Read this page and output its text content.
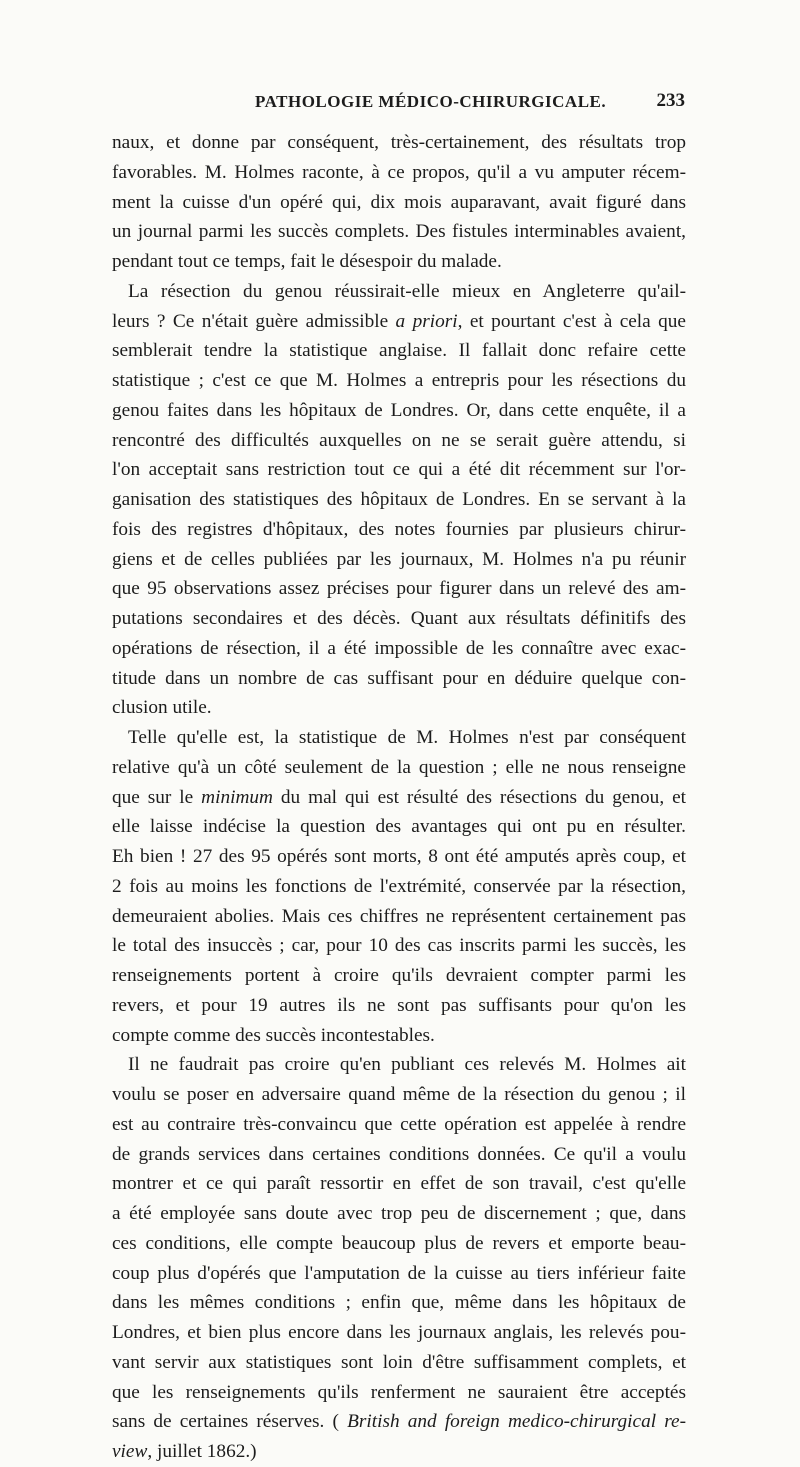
PATHOLOGIE MÉDICO-CHIRURGICALE.	233
naux, et donne par conséquent, très-certainement, des résultats trop
favorables. M. Holmes raconte, à ce propos, qu'il a vu amputer récem-
ment la cuisse d'un opéré qui, dix mois auparavant, avait figuré dans
un journal parmi les succès complets. Des fistules interminables avaient,
pendant tout ce temps, fait le désespoir du malade.
La résection du genou réussirait-elle mieux en Angleterre qu'ail-
leurs ? Ce n'était guère admissible a priori, et pourtant c'est à cela que
semblerait tendre la statistique anglaise. Il fallait donc refaire cette
statistique ; c'est ce que M. Holmes a entrepris pour les résections du
genou faites dans les hôpitaux de Londres. Or, dans cette enquête, il a
rencontré des difficultés auxquelles on ne se serait guère attendu, si
l'on acceptait sans restriction tout ce qui a été dit récemment sur l'or-
ganisation des statistiques des hôpitaux de Londres. En se servant à la
fois des registres d'hôpitaux, des notes fournies par plusieurs chirur-
giens et de celles publiées par les journaux, M. Holmes n'a pu réunir
que 95 observations assez précises pour figurer dans un relevé des am-
putations secondaires et des décès. Quant aux résultats définitifs des
opérations de résection, il a été impossible de les connaître avec exac-
titude dans un nombre de cas suffisant pour en déduire quelque con-
clusion utile.
Telle qu'elle est, la statistique de M. Holmes n'est par conséquent
relative qu'à un côté seulement de la question ; elle ne nous renseigne
que sur le minimum du mal qui est résulté des résections du genou, et
elle laisse indécise la question des avantages qui ont pu en résulter.
Eh bien ! 27 des 95 opérés sont morts, 8 ont été amputés après coup, et
2 fois au moins les fonctions de l'extrémité, conservée par la résection,
demeuraient abolies. Mais ces chiffres ne représentent certainement pas
le total des insuccès ; car, pour 10 des cas inscrits parmi les succès, les
renseignements portent à croire qu'ils devraient compter parmi les
revers, et pour 19 autres ils ne sont pas suffisants pour qu'on les
compte comme des succès incontestables.
Il ne faudrait pas croire qu'en publiant ces relevés M. Holmes ait
voulu se poser en adversaire quand même de la résection du genou ; il
est au contraire très-convaincu que cette opération est appelée à rendre
de grands services dans certaines conditions données. Ce qu'il a voulu
montrer et ce qui paraît ressortir en effet de son travail, c'est qu'elle
a été employée sans doute avec trop peu de discernement ; que, dans
ces conditions, elle compte beaucoup plus de revers et emporte beau-
coup plus d'opérés que l'amputation de la cuisse au tiers inférieur faite
dans les mêmes conditions ; enfin que, même dans les hôpitaux de
Londres, et bien plus encore dans les journaux anglais, les relevés pou-
vant servir aux statistiques sont loin d'être suffisamment complets, et
que les renseignements qu'ils renferment ne sauraient être acceptés
sans de certaines réserves. ( British and foreign medico-chirurgical re-
view, juillet 1862.)
